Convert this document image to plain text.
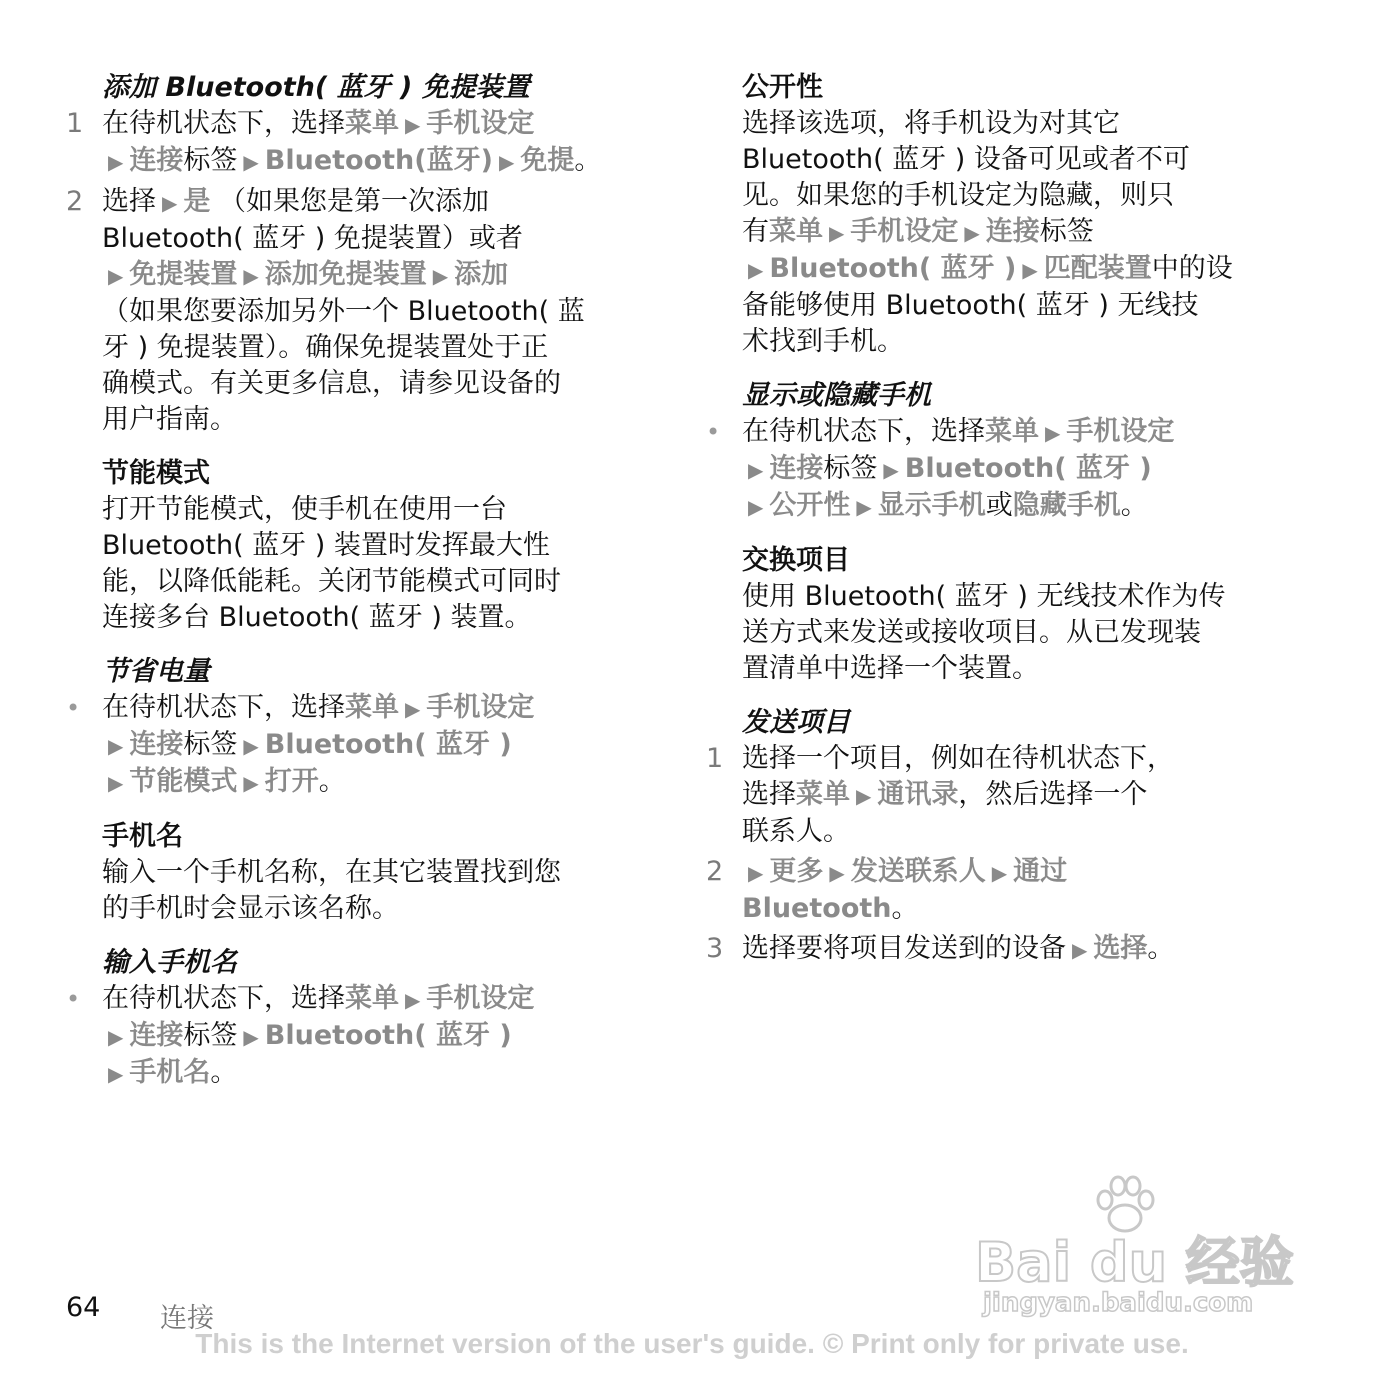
添加 Bluetooth( 蓝牙 ) 免提装置
1 在待机状态下，选择菜单 ▶ 手机设定
▶ 连接标签 ▶ Bluetooth(蓝牙) ▶ 免提。
2 选择 ▶ 是 （如果您是第一次添加
Bluetooth( 蓝牙 ) 免提装置）或者
▶ 免提装置 ▶ 添加免提装置 ▶ 添加
（如果您要添加另外一个 Bluetooth( 蓝
牙 ) 免提装置）。确保免提装置处于正
确模式。有关更多信息，请参见设备的
用户指南。
节能模式
打开节能模式，使手机在使用一台
Bluetooth( 蓝牙 ) 装置时发挥最大性
能，以降低能耗。关闭节能模式可同时
连接多台 Bluetooth( 蓝牙 ) 装置。
节省电量
• 在待机状态下，选择菜单 ▶ 手机设定
▶ 连接标签 ▶ Bluetooth( 蓝牙 )
▶ 节能模式 ▶ 打开。
手机名
输入一个手机名称，在其它装置找到您
的手机时会显示该名称。
输入手机名
• 在待机状态下，选择菜单 ▶ 手机设定
▶ 连接标签 ▶ Bluetooth( 蓝牙 )
▶ 手机名。
公开性
选择该选项，将手机设为对其它
Bluetooth( 蓝牙 ) 设备可见或者不可
见。如果您的手机设定为隐藏，则只
有菜单 ▶ 手机设定 ▶ 连接标签
▶ Bluetooth( 蓝牙 ) ▶ 匹配装置中的设
备能够使用 Bluetooth( 蓝牙 ) 无线技
术找到手机。
显示或隐藏手机
• 在待机状态下，选择菜单 ▶ 手机设定
▶ 连接标签 ▶ Bluetooth( 蓝牙 )
▶ 公开性 ▶ 显示手机或隐藏手机。
交换项目
使用 Bluetooth( 蓝牙 ) 无线技术作为传
送方式来发送或接收项目。从已发现装
置清单中选择一个装置。
发送项目
1 选择一个项目，例如在待机状态下，
选择菜单 ▶ 通讯录，然后选择一个
联系人。
2	▶ 更多 ▶ 发送联系人 ▶ 通过
Bluetooth。
3 选择要将项目发送到的设备 ▶ 选择。
64 连接
This is the Internet version of the user's guide. © Print only for private use.
Bai du 经验
jingyan.baidu.com
